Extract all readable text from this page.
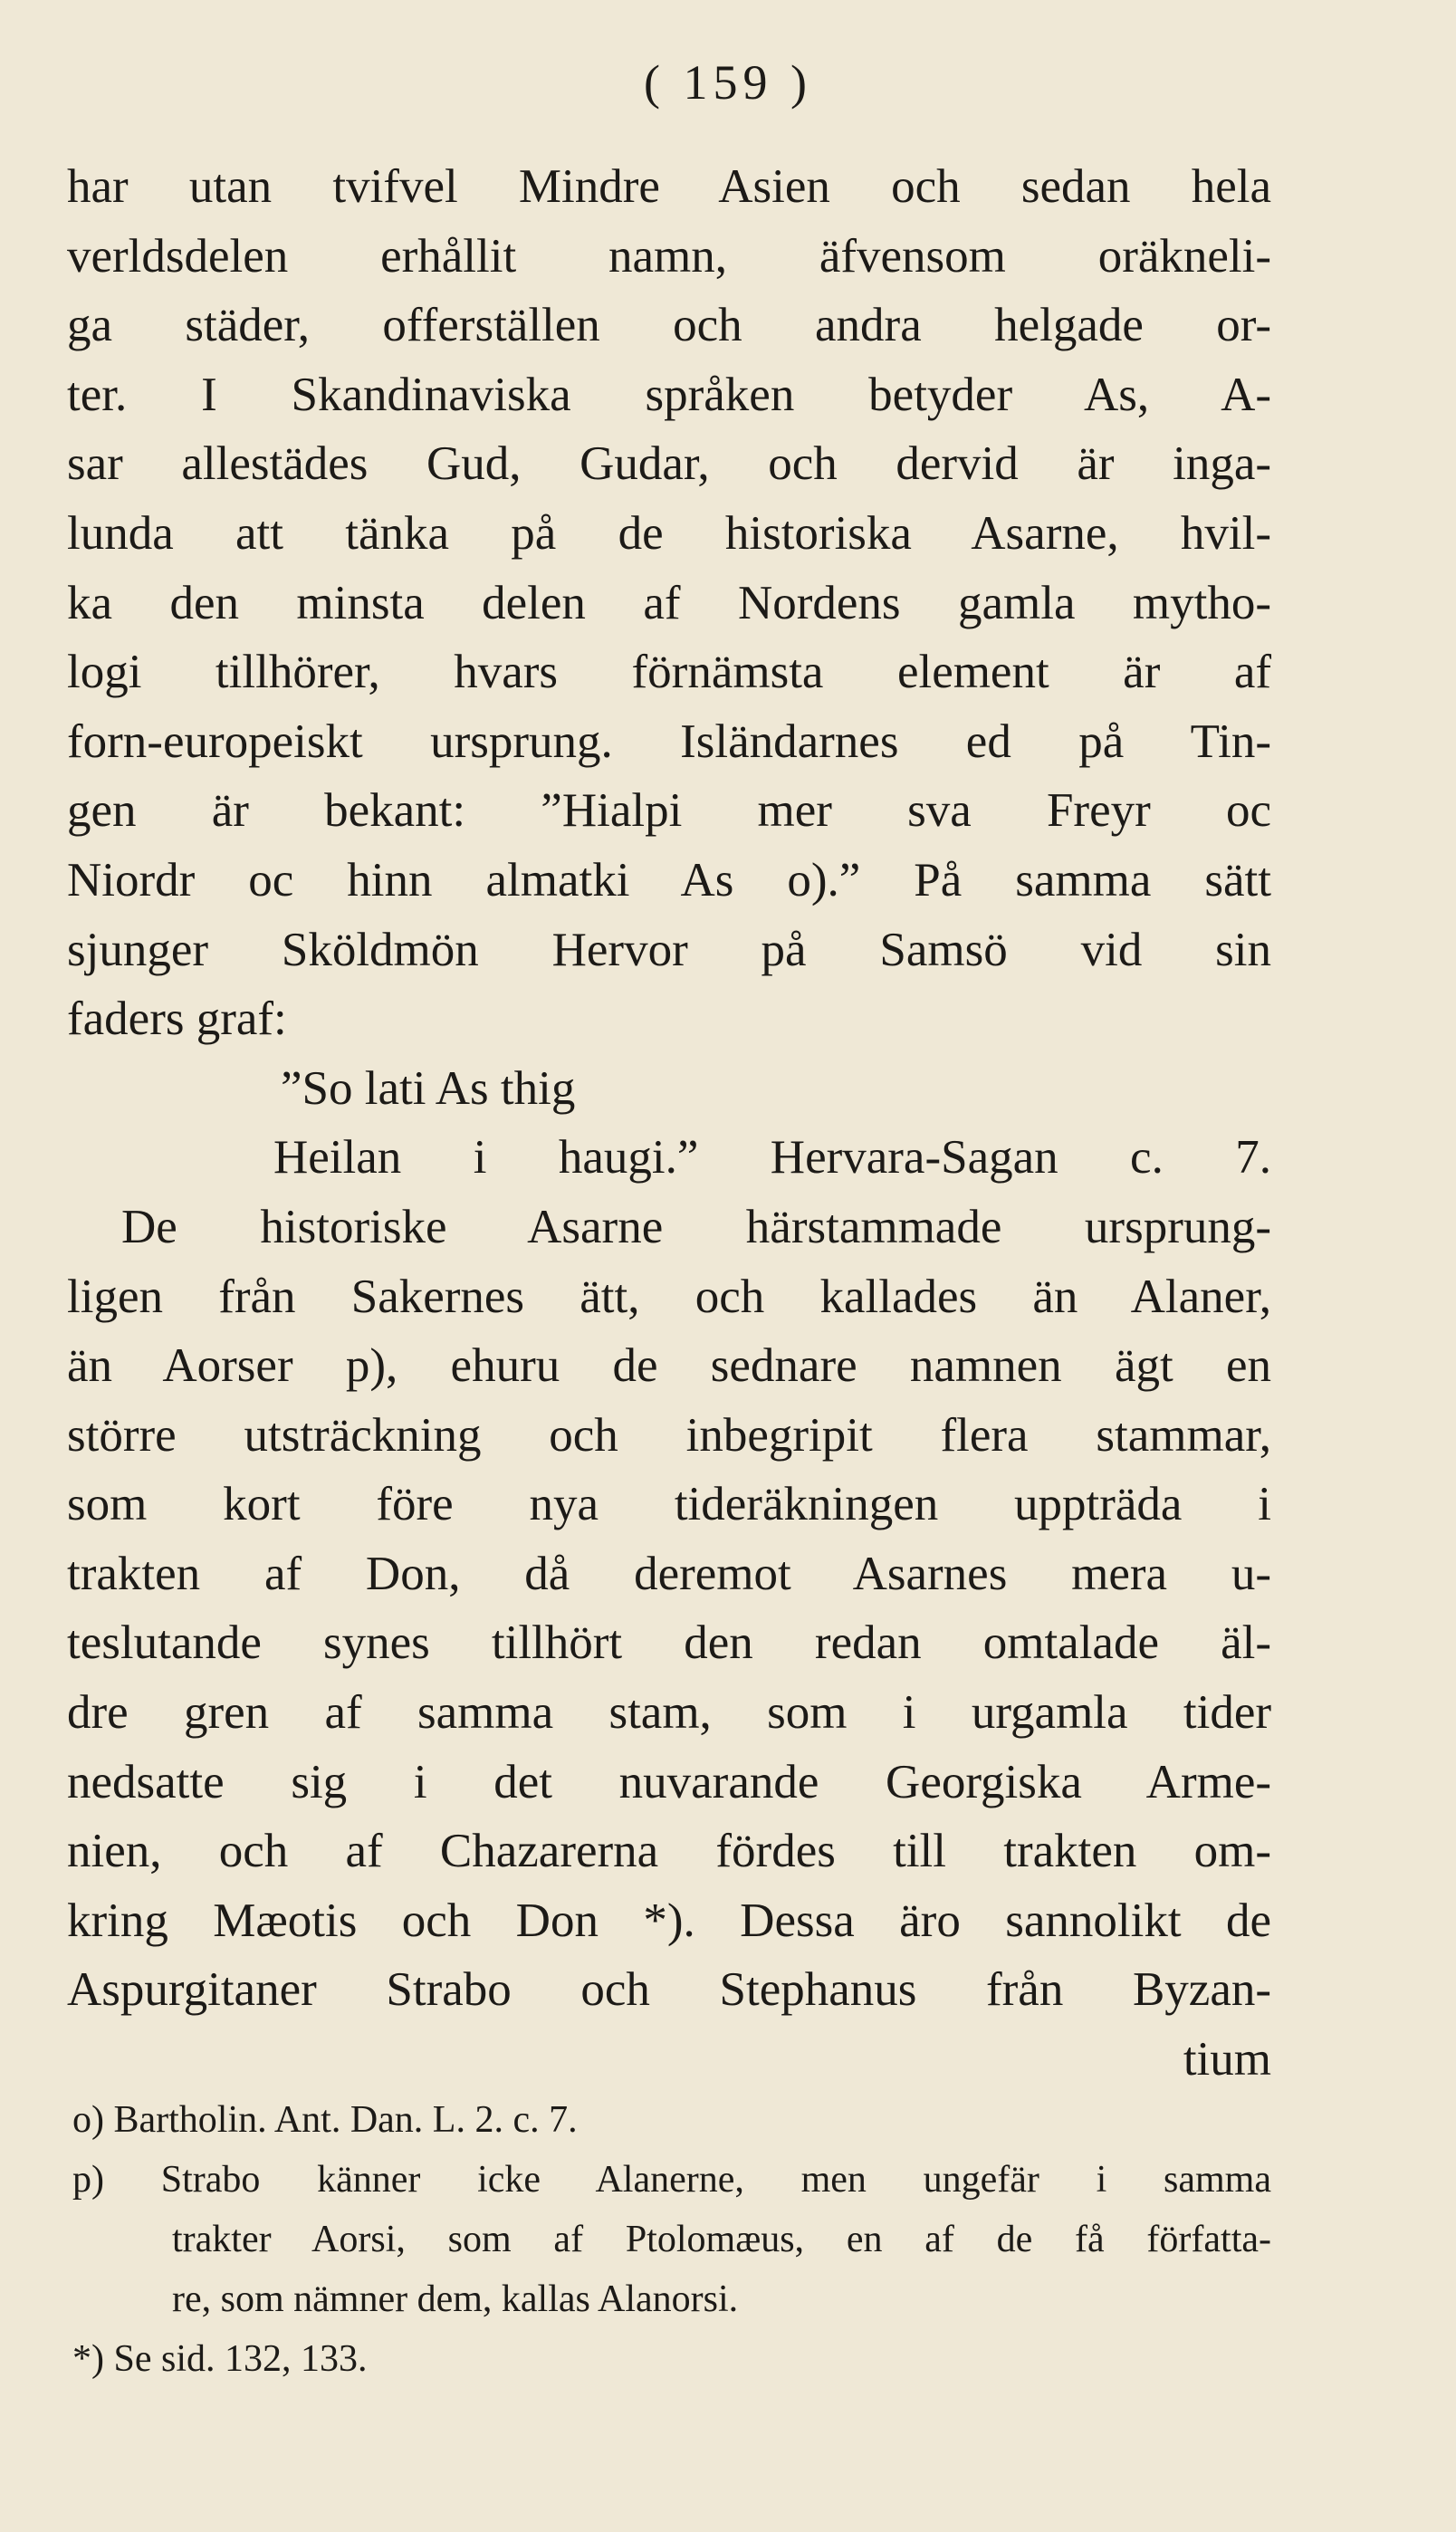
( 159 )
har utan tvifvel Mindre Asien och sedan hela
verldsdelen erhållit namn, äfvensom oräkneli-
ga städer, offerställen och andra helgade or-
ter. I Skandinaviska språken betyder As, A-
sar allestädes Gud, Gudar, och dervid är inga-
lunda att tänka på de historiska Asarne, hvil-
ka den minsta delen af Nordens gamla mytho-
logi tillhörer, hvars förnämsta element är af
forn-europeiskt ursprung. Isländarnes ed på Tin-
gen är bekant: ”Hialpi mer sva Freyr oc
Niordr oc hinn almatki As o).” På samma sätt
sjunger Sköldmön Hervor på Samsö vid sin
faders graf:
”So lati As thig
Heilan i haugi.” Hervara-Sagan c. 7.
De historiske Asarne härstammade ursprung-
ligen från Sakernes ätt, och kallades än Alaner,
än Aorser p), ehuru de sednare namnen ägt en
större utsträckning och inbegripit flera stammar,
som kort före nya tideräkningen uppträda i
trakten af Don, då deremot Asarnes mera u-
teslutande synes tillhört den redan omtalade äl-
dre gren af samma stam, som i urgamla tider
nedsatte sig i det nuvarande Georgiska Arme-
nien, och af Chazarerna fördes till trakten om-
kring Mæotis och Don *). Dessa äro sannolikt de
Aspurgitaner Strabo och Stephanus från Byzan-
tium
o) Bartholin. Ant. Dan. L. 2. c. 7.
p) Strabo känner icke Alanerne, men ungefär i samma
trakter Aorsi, som af Ptolomæus, en af de få författa-
re, som nämner dem, kallas Alanorsi.
*) Se sid. 132, 133.
